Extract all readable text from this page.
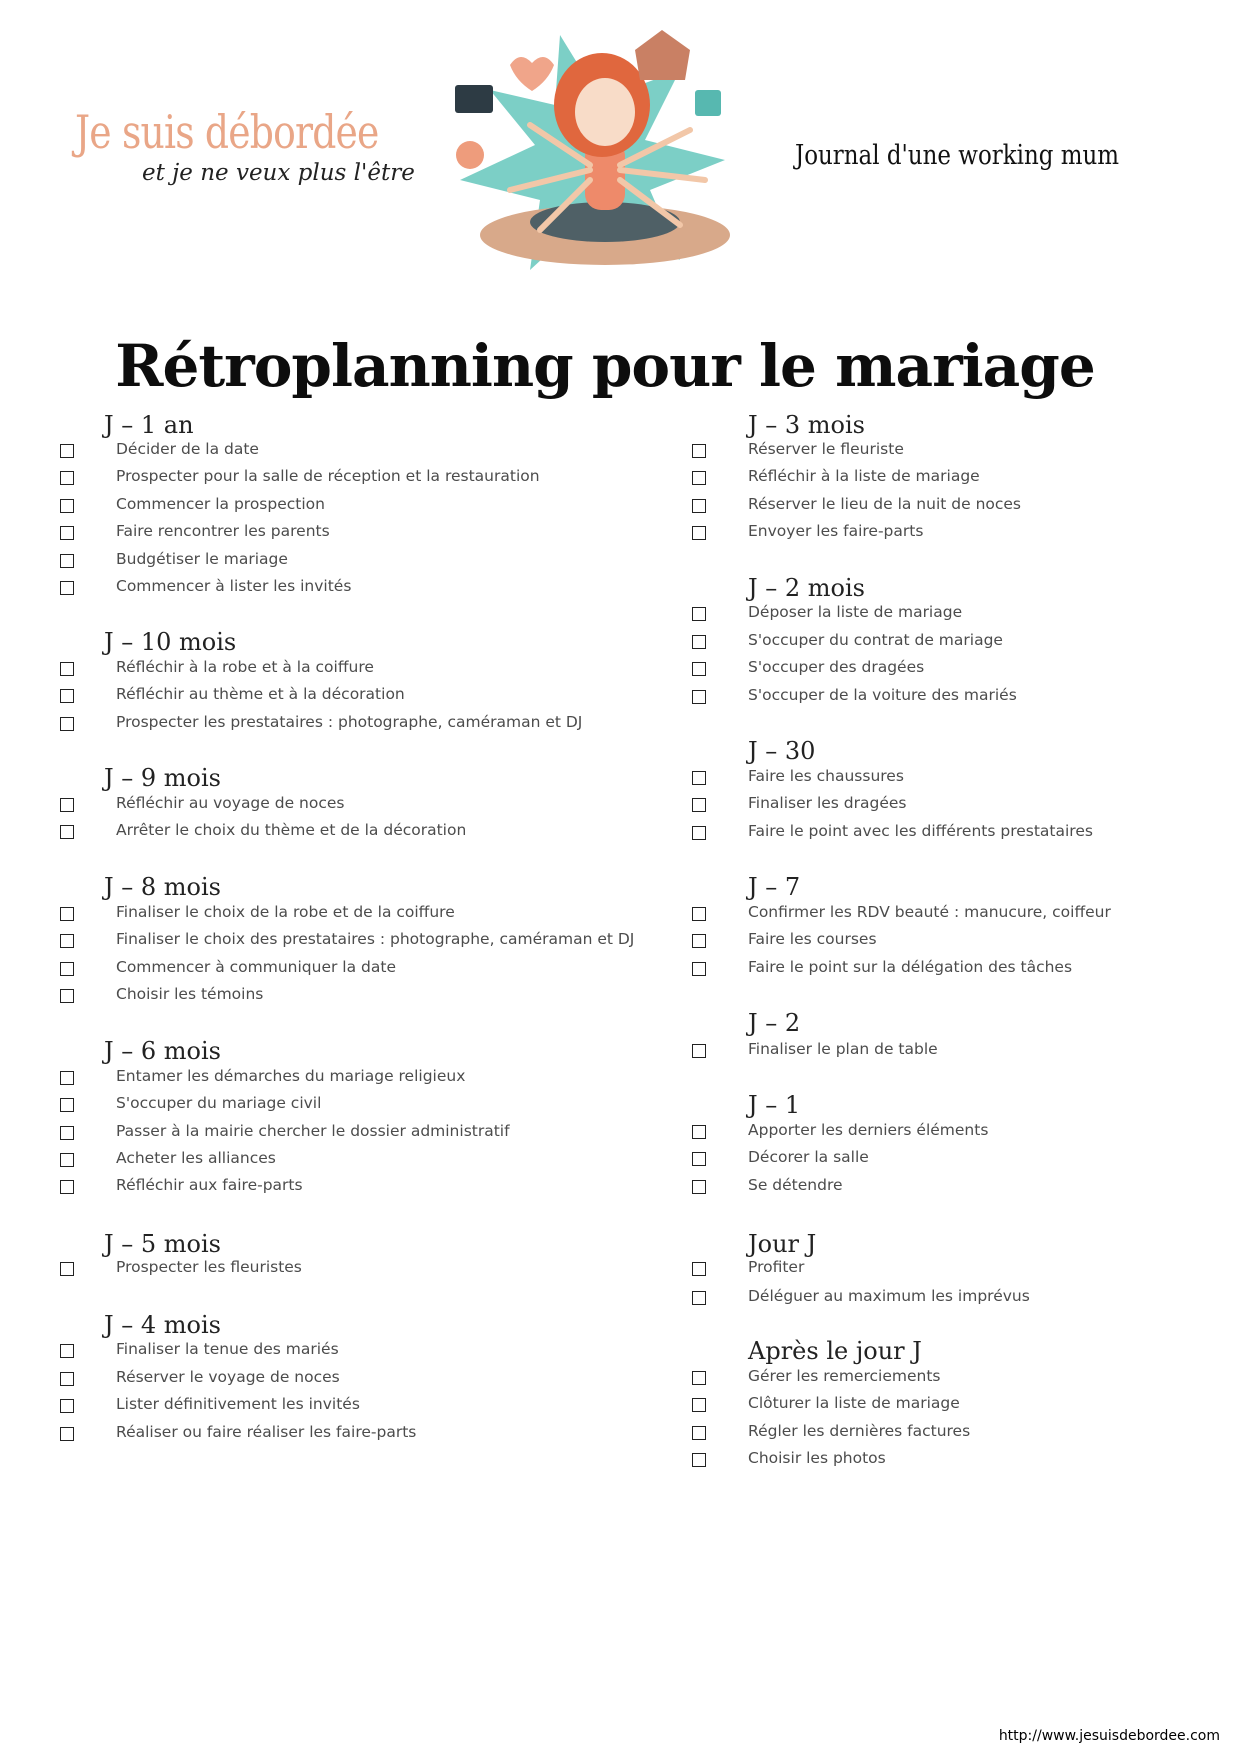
Je suis débordée
et je ne veux plus l'être
Journal d'une working mum
Rétroplanning pour le mariage
J – 1 an
Décider de la date
Prospecter pour la salle de réception et la restauration
Commencer la prospection
Faire rencontrer les parents
Budgétiser le mariage
Commencer à lister les invités
J – 10 mois
Réfléchir à la robe et à la coiffure
Réfléchir au thème et à la décoration
Prospecter les prestataires : photographe, caméraman et DJ
J – 9 mois
Réfléchir au voyage de noces
Arrêter le choix du thème et de la décoration
J – 8 mois
Finaliser le choix de la robe et de la coiffure
Finaliser le choix des prestataires : photographe, caméraman et DJ
Commencer à communiquer la date
Choisir les témoins
J – 6 mois
Entamer les démarches du mariage religieux
S'occuper du mariage civil
Passer à la mairie chercher le dossier administratif
Acheter les alliances
Réfléchir aux faire-parts
J – 5 mois
Prospecter les fleuristes
J – 4 mois
Finaliser la tenue des mariés
Réserver le voyage de noces
Lister définitivement les invités
Réaliser ou faire réaliser les faire-parts
J – 3 mois
Réserver le fleuriste
Réfléchir à la liste de mariage
Réserver le lieu de la nuit de noces
Envoyer les faire-parts
J – 2 mois
Déposer la liste de mariage
S'occuper du contrat de mariage
S'occuper des dragées
S'occuper de la voiture des mariés
J – 30
Faire les chaussures
Finaliser les dragées
Faire le point avec les différents prestataires
J – 7
Confirmer les RDV beauté : manucure, coiffeur
Faire les courses
Faire le point sur la délégation des tâches
J – 2
Finaliser le plan de table
J – 1
Apporter les derniers éléments
Décorer la salle
Se détendre
Jour J
Profiter
Déléguer au maximum les imprévus
Après le jour J
Gérer les remerciements
Clôturer la liste de mariage
Régler les dernières factures
Choisir les photos
http://www.jesuisdebordee.com
